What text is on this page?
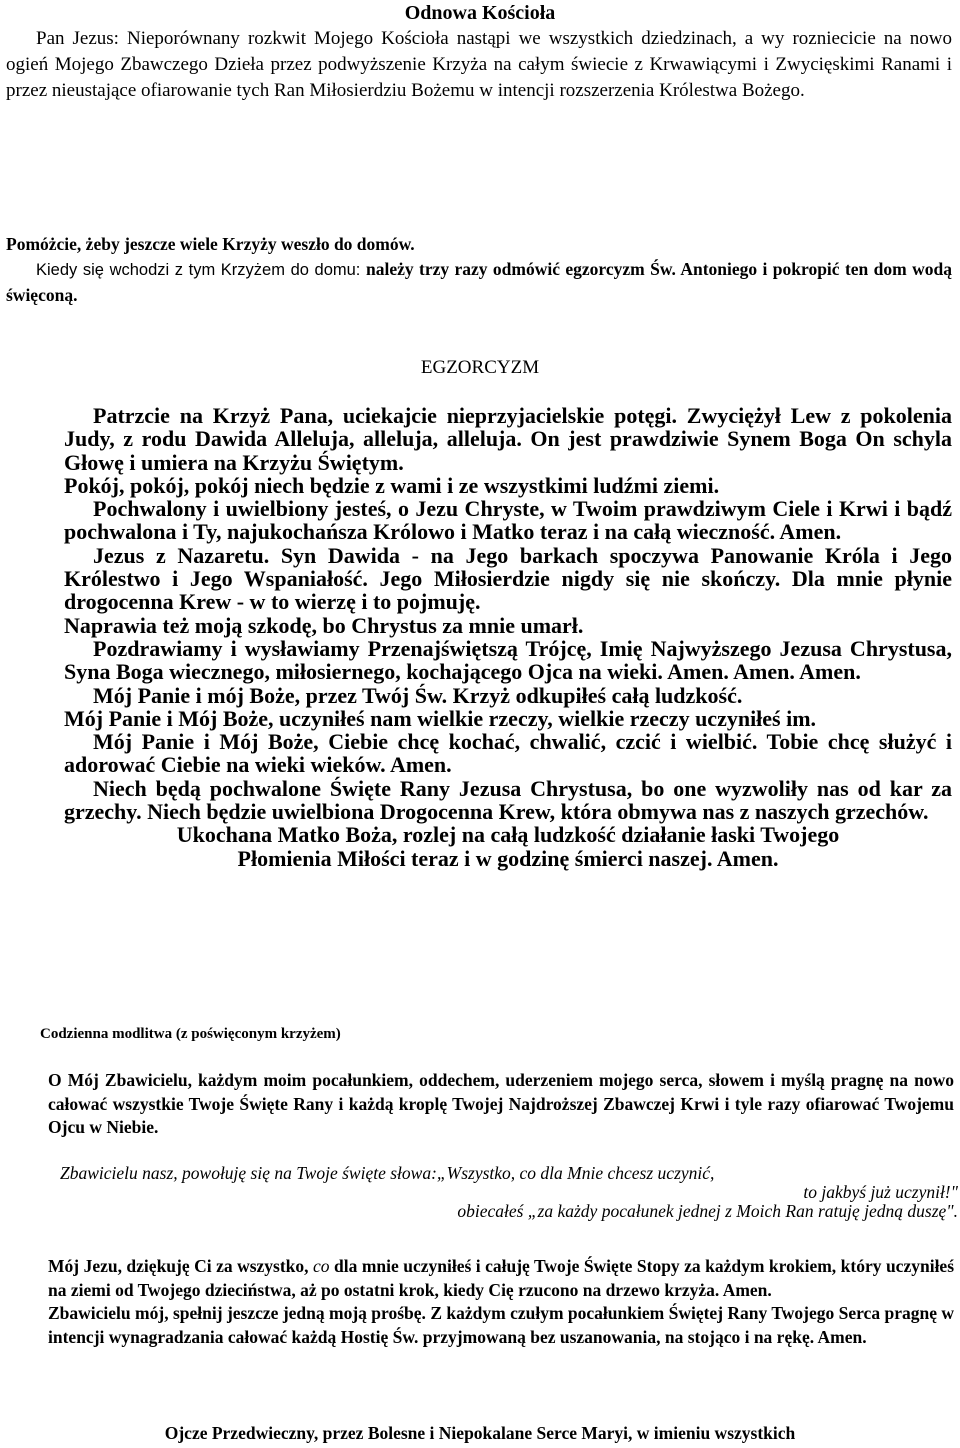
Odnowa Kościoła

Pan Jezus: Nieporównany rozkwit Mojego Kościoła nastąpi we wszystkich dziedzinach, a wy rozniecicie na nowo ogień Mojego Zbawczego Dzieła przez podwyższenie Krzyża na całym świecie z Krwawiącymi i Zwycięskimi Ranami i przez nieustające ofiarowanie tych Ran Miłosierdziu Bożemu w intencji rozszerzenia Królestwa Bożego.

Pomóżcie, żeby jeszcze wiele Krzyży weszło do domów.

Kiedy się wchodzi z tym Krzyżem do domu: należy trzy razy odmówić egzorcyzm Św. Antoniego i pokropić ten dom wodą święconą.

EGZORCYZM

Patrzcie na Krzyż Pana, uciekajcie nieprzyjacielskie potęgi. Zwyciężył Lew z pokolenia Judy, z rodu Dawida Alleluja, alleluja, alleluja. On jest prawdziwie Synem Boga On schyla Głowę i umiera na Krzyżu Świętym.

Pokój, pokój, pokój niech będzie z wami i ze wszystkimi ludźmi ziemi.

Pochwalony i uwielbiony jesteś, o Jezu Chryste, w Twoim prawdziwym Ciele i Krwi i bądź pochwalona i Ty, najukochańsza Królowo i Matko teraz i na całą wieczność. Amen.

Jezus z Nazaretu. Syn Dawida - na Jego barkach spoczywa Panowanie Króla i Jego Królestwo i Jego Wspaniałość. Jego Miłosierdzie nigdy się nie skończy. Dla mnie płynie drogocenna Krew - w to wierzę i to pojmuję.

Naprawia też moją szkodę, bo Chrystus za mnie umarł.

Pozdrawiamy i wysławiamy Przenajświętszą Trójcę, Imię Najwyższego Jezusa Chrystusa, Syna Boga wiecznego, miłosiernego, kochającego Ojca na wieki. Amen. Amen. Amen.

Mój Panie i mój Boże, przez Twój Św. Krzyż odkupiłeś całą ludzkość.

Mój Panie i Mój Boże, uczyniłeś nam wielkie rzeczy, wielkie rzeczy uczyniłeś im.

Mój Panie i Mój Boże, Ciebie chcę kochać, chwalić, czcić i wielbić. Tobie chcę służyć i adorować Ciebie na wieki wieków. Amen.

Niech będą pochwalone Święte Rany Jezusa Chrystusa, bo one wyzwoliły nas od kar za grzechy. Niech będzie uwielbiona Drogocenna Krew, która obmywa nas z naszych grzechów.

Ukochana Matko Boża, rozlej na całą ludzkość działanie łaski Twojego

Płomienia Miłości teraz i w godzinę śmierci naszej. Amen.

Codzienna modlitwa (z poświęconym krzyżem)

O Mój Zbawicielu, każdym moim pocałunkiem, oddechem, uderzeniem mojego serca, słowem i myślą pragnę na nowo całować wszystkie Twoje Święte Rany i każdą kroplę Twojej Najdroższej Zbawczej Krwi i tyle razy ofiarować Twojemu Ojcu w Niebie.

Zbawicielu nasz, powołuję się na Twoje święte słowa:„Wszystko, co dla Mnie chcesz uczynić,

to jakbyś już uczynił!"

obiecałeś „za każdy pocałunek jednej z Moich Ran ratuję jedną duszę".

Mój Jezu, dziękuję Ci za wszystko, co dla mnie uczyniłeś i całuję Twoje Święte Stopy za każdym krokiem, który uczyniłeś na ziemi od Twojego dzieciństwa, aż po ostatni krok, kiedy Cię rzucono na drzewo krzyża. Amen.

Zbawicielu mój, spełnij jeszcze jedną moją prośbę. Z każdym czułym pocałunkiem Świętej Rany Twojego Serca pragnę w intencji wynagradzania całować każdą Hostię Św. przyjmowaną bez uszanowania, na stojąco i na rękę. Amen.

Ojcze Przedwieczny, przez Bolesne i Niepokalane Serce Maryi, w imieniu wszystkich
